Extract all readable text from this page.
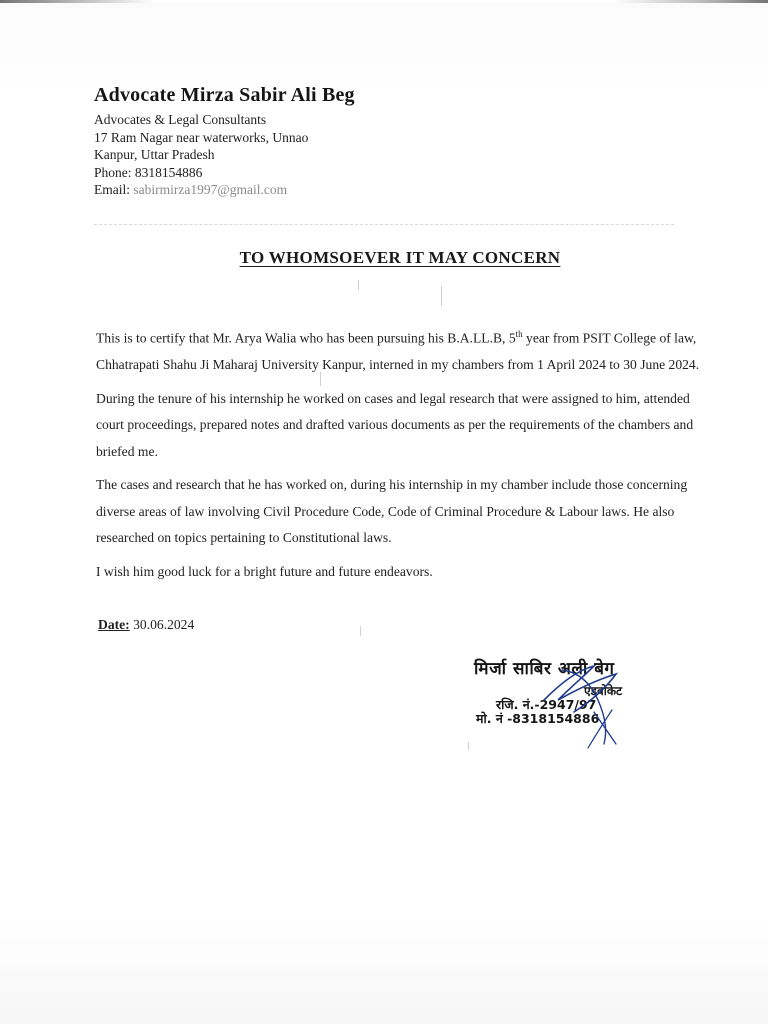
Advocate Mirza Sabir Ali Beg
Advocates & Legal Consultants
17 Ram Nagar near waterworks, Unnao
Kanpur, Uttar Pradesh
Phone: 8318154886
Email: sabirmirza1997@gmail.com
TO WHOMSOEVER IT MAY CONCERN

This is to certify that Mr. Arya Walia who has been pursuing his B.A.LL.B, 5th year from PSIT College of law, Chhatrapati Shahu Ji Maharaj University Kanpur, interned in my chambers from 1 April 2024 to 30 June 2024.

During the tenure of his internship he worked on cases and legal research that were assigned to him, attended court proceedings, prepared notes and drafted various documents as per the requirements of the chambers and briefed me.

The cases and research that he has worked on, during his internship in my chamber include those concerning diverse areas of law involving Civil Procedure Code, Code of Criminal Procedure & Labour laws. He also researched on topics pertaining to Constitutional laws.

I wish him good luck for a bright future and future endeavors.

Date: 30.06.2024
मिर्जा साबिर अली बेग
एडवोकेट
रजि. नं.-2947/97
मो. नं -8318154886
